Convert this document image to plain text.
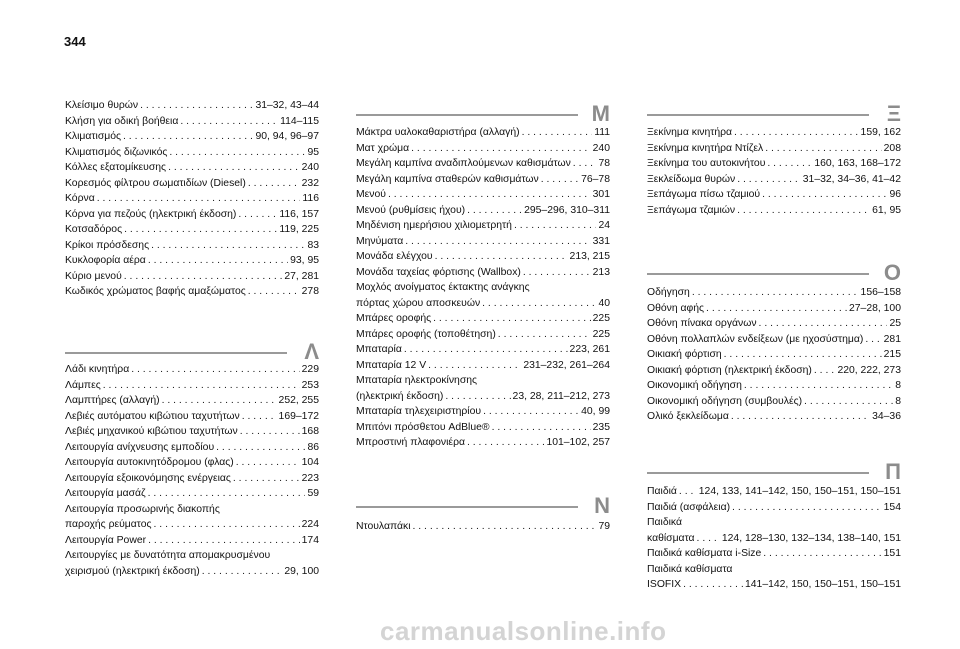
344
Κλείσιμο θυρών . . .	31–32, 43–44
Κλήση για οδική βοήθεια . . .	114–115
Κλιματισμός . . .	90, 94, 96–97
Κλιματισμός διζωνικός . . .	95
Κόλλες εξατομίκευσης . . .	240
Κορεσμός φίλτρου σωματιδίων (Diesel) . . .	232
Κόρνα . . .	116
Κόρνα για πεζούς (ηλεκτρική έκδοση) . . .	116, 157
Κοτσαδόρος . . .	119, 225
Κρίκοι πρόσδεσης . . .	83
Κυκλοφορία αέρα . . .	93, 95
Κύριο μενού . . .	27, 281
Κωδικός χρώματος βαφής αμαξώματος . . .	278
Λ
Λάδι κινητήρα . . .	229
Λάμπες . . .	253
Λαμπτήρες (αλλαγή) . . .	252, 255
Λεβιές αυτόματου κιβώτιου ταχυτήτων . . .	169–172
Λεβιές μηχανικού κιβώτιου ταχυτήτων . . .	168
Λειτουργία ανίχνευσης εμποδίου . . .	86
Λειτουργία αυτοκινητόδρομου (φλας) . . .	104
Λειτουργία εξοικονόμησης ενέργειας . . .	223
Λειτουργία μασάζ . . .	59
Λειτουργία προσωρινής διακοπής
παροχής ρεύματος . . .	224
Λειτουργία Power . . .	174
Λειτουργίες με δυνατότητα απομακρυσμένου
χειρισμού (ηλεκτρική έκδοση) . . .	29, 100
Μ
Μάκτρα υαλοκαθαριστήρα (αλλαγή) . . .	111
Ματ χρώμα . . .	240
Μεγάλη καμπίνα αναδιπλούμενων καθισμάτων . . .	78
Μεγάλη καμπίνα σταθερών καθισμάτων . . .	76–78
Μενού . . .	301
Μενού (ρυθμίσεις ήχου) . . .	295–296, 310–311
Μηδένιση ημερήσιου χιλιομετρητή . . .	24
Μηνύματα . . .	331
Μονάδα ελέγχου . . .	213, 215
Μονάδα ταχείας φόρτισης (Wallbox) . . .	213
Μοχλός ανοίγματος έκτακτης ανάγκης
πόρτας χώρου αποσκευών . . .	40
Μπάρες οροφής . . .	225
Μπάρες οροφής (τοποθέτηση) . . .	225
Μπαταρία . . .	223, 261
Μπαταρία 12 V . . .	231–232, 261–264
Μπαταρία ηλεκτροκίνησης
(ηλεκτρική έκδοση) . . .	23, 28, 211–212, 273
Μπαταρία τηλεχειριστηρίου . . .	40, 99
Μπιτόνι πρόσθετου AdBlue® . . .	235
Μπροστινή πλαφονιέρα . . .	101–102, 257
Ν
Ντουλαπάκι . . .	79
Ξ
Ξεκίνημα κινητήρα . . .	159, 162
Ξεκίνημα κινητήρα Ντίζελ . . .	208
Ξεκίνημα του αυτοκινήτου . . .	160, 163, 168–172
Ξεκλείδωμα θυρών . . .	31–32, 34–36, 41–42
Ξεπάγωμα πίσω τζαμιού . . .	96
Ξεπάγωμα τζαμιών . . .	61, 95
Ο
Οδήγηση . . .	156–158
Οθόνη αφής . . .	27–28, 100
Οθόνη πίνακα οργάνων . . .	25
Οθόνη πολλαπλών ενδείξεων (με ηχοσύστημα) . . . 281
Οικιακή φόρτιση . . .	215
Οικιακή φόρτιση (ηλεκτρική έκδοση) . . . 220, 222, 273
Οικονομική οδήγηση . . .	8
Οικονομική οδήγηση (συμβουλές) . . .	8
Ολικό ξεκλείδωμα . . .	34–36
Π
Παιδιά . . . 124, 133, 141–142, 150, 150–151, 150–151
Παιδιά (ασφάλεια) . . .	154
Παιδικά
καθίσματα . . .	124, 128–130, 132–134, 138–140, 151
Παιδικά καθίσματα i-Size . . .	151
Παιδικά καθίσματα
ISOFIX . . .	141–142, 150, 150–151, 150–151
carmanualsonline.info
